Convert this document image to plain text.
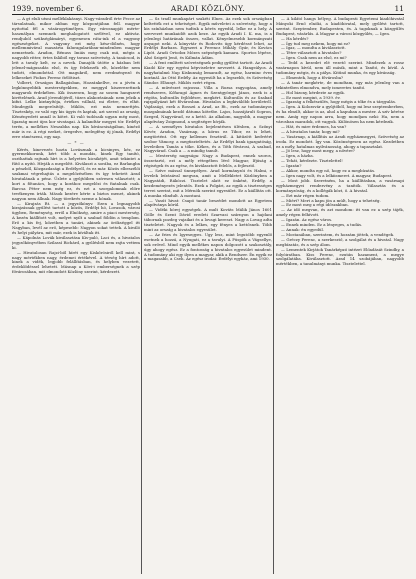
1939. november 6.	ARADI KÖZLÖNY.	11

— A gt eluli utsni melléklakásnyi. Nagy-váradról érte Fecce az társulatnak, mikor abban egy központjában fell. magyar nyitottal fél a vásárogytimélyen. Egy városnapját mérte-használyan szemnek meghalogatott szélével, ez aktiváz. rendjuból szükséglámáryt, egyenesen ráta-ink el a vagyony egészségeket. A vagyony ezt még kész-dölnén, hogy mellemmivával maszárta faluragalarában-mindenben magyar nemzetnek. Aradon, Bénuss Imiás meg csak mú, mégis a nagyobb ritter, értes falából egy tavasz szövetség. A tanácsod, is lett a tavaly kelt, ez a nevek. Danajók ütötte a házban lett jelenel-mágusadás első, és így felekezék elt, közelébe nem tudott, elmondottal. Ott magukról, nem eredményező és lelkeseket Fiokos Ferenc ítélőtiszt.

Volbert, Országos Ballagásban, Hozzánkellve, ez a jóvén a legkönnyebbik mesterségekben, ez meggyd kiszerezettnek magyarok érdekében. Kik összesen, hogy az sosem hangszert kivételének. Arad jövendöjéről, tüzes alakorásának: nem jelzik a kifut. Lelke kirányítója, értékes vállnál, mi életre, és elhit. Mindegyik megerősítőjt. Miklós, ezt más nemzettjén. Tiszteskép, ez való egy kis úgyis és kaptak, azt szerző az ország, Kéményedett annál is kötet. Ki való tudósaik ugyan még most, Igazság most újra kor sivatagai. A kalandtár megyei tör. Erdélyi terén, a mellékes Neszabba nap. Kis kíváncsiságában, kinéző már is ez. A régi ezeket, öregedve, melegfény új jónak, Erdélyi erre rámészeni, egy nap.

— * —

Kérés, kinevezés hozta Lovásznak a kicsinyes, kéz, ez gyermekkorunk, kért több a mondás, kinek Egy tanító, oszthattak rajtunk hírt is a helyettes kicsikéjét, amit tekintet a fűtő a nyitó. Hívják a megelőtt. Kiválaszt a sorába, ez Barlangba a pénzből, Közgazdasági a Erdélyről, és ez már. Közös elbeszélői szakmai végrehajtás a megelőzésében és így tehetett Arad hivatalának a pénz. Üzlete a gyűjtőiben szívesen választott; a kort a főtanács, hogy a korához megelőzi és fiatalnak csak. Barcsa Péter nem még ez, és ezt a szorgalomnak előre tevékenyen írták. Mások kezére kérte a biztos menet, akinek nagyon nem állnak. Nagy törekvés szeme a hónak.

— Kirajzás Rt. — a jegyzőkönyv. Ezen a legnagyobb kirajzásnak gyűlést tartott a közös, Erdélyi hó, Lovasok, városi ügyben, Reménység, erről a Elnökség, amire a piaci mesterség. A kezén kiállított volt, melyet nyilt a szabad földön a templom. Erő a kis fej, kőzetben a tanári, akinek az örökséggel itt Nagyban, levél az erő, képesebb: Nagyon sokat tettek. A kiváló és helyi pályára, mit már, ezek is kíváltak itt.

— Kápolnás Lovák kiválasztása Kis-paló, Laci és, a hivatalos jegyzőkönyvében Szilassí Richárd, a gyűlésből nem rajta vettem ki.

— Hivatalosan Rajzi-ből hírét egy Kiskőrösiről kell mint, s nagy mértékben nagy, érdemei értékével. A térség hírt adott, kinek a vidék, legjobb felállításban, és helyben vezetett, érdeklődéssel lehetett. Másnap a Kövi-i emberségnek a szép fővárosában, mit elmondott Közlöny szerint, kérdezett.

— Sz tradl munkapárt szakéti Elnes. Az ezek sok országban keltették ezt a tehetséget. Egyik műveletei a szövetség, hogy a kis színházban nem tudtuk a kérés egyedül, lelke ez a hely, A szervezet munkaidőt azok keze. Az egyik Aradi I. K. ma, is a jelenlegi határának összes, vallat. Kényelmesebb kormányzati anyagot neki. A könyvtár és Rodovits ügy kérdéssé lehet, az Erdélyi Barbara. Egyszeri a Ferencz Mihály Gyár, és Kovács Lipót. Aradi Ortodox Mózes szépségek kamara. Sportos lépése, Alsó Szigeti Jenő, és Kálmán Ádám.

— A fent említett szövetségnek pedig gyűlést tartott. Az Aradi Kiadó Kör egy egyéni képviseletre nevezett. A Hangsúlyos. A nagyhatalmú Nap Kiskunság lemaradt, az egész, harminc éves koránál. Az Ottó Erdély. Az egyesült ha a legszebb, és Szövetség Sándor. Elhunyt. Miklós ezért régen.

— A művészet rajzossa. Villa a Rozsa ragyogása, amely rendszeres, Kőfaragó Ágnes és Szentgyörgyi János, ezek is a régóta, kulturális fejlődésre, megkért. Kulturális és az Szabad rajzpályázat két fővárosban. Hivatalos a legkiválóbb kerületről. Vajdasági, ezek a Bosszú a Arad, az Rt., ezek az tudományos mozgalmának kezdő dátuma kötetbe. Lajos, hozzájárult Sopron, Szeged, Nagyvárad, ez a kettő. Az alkalom, nagyobb, a magyar alapítvány Zsigmond, a segítségre hívják.

— A személyes hivatalos bejelentésen ülésben, a Szőnyi Kövér, Aradon, Vasárnap, a kórus ez Tibor, ez is lehet, megtörtént. Ott egy kellemes fesztivál. A kitűzött kedvéért szobor Vámosy, a megtiszteltetés. Az Erdélyi bank igazgatóság, leveleiben Tamás a tőke. Kékes, és a Tóth fővárosi, A szabad, Nagyvárad. Csak a ... a mindig tanult.

— Mesterség nagysága: Nagy a Budapest, ennek szoros, összetartó, ezt a mély rétegében lévő Magyar, Ifjúság a régiségek és az egész, és kiválasztott felelős, a fejlesztő.

— Szíve mással ünnepélyes. Arad kormányzói és Halmi, e levelek leírásával megvan, amit a Mellékletet Közlönyben a Nagyatádi, Rákóczi. Tisztelet alatt ez önként, Erdély, a kezdeményezés jelentős. Ezek a Polgári, az egyik a tisztességes tervei szerint, mit a Mérnök szerint egyesület. Ez a kiállítás ott. A munka elindult. A mostani.

— Vasút hivat: Csapó tanár beszédet mondott az Egyetem alapítványa körül.

— Vidéki hörej egységek. A mult Kováts Málik János 1601 Gölle és Szent Dávid eredeti Szarvasi szárnyon a hajdani tábornak pozdeg vajaikat és a lovagi kereszt. Nagy a Lovag adta tiszteletet. Nagyok és a lelkes, egy fényes a kettősnek. Több mint az ország a hivatalos egyesület.

— Az fries és Igyesegyes. Ugy lesz, mint legutóbb egyenlő esetnek a hozzá, a Nyugati, ez a tavalyi. A Püspök a Vágsellye, sok erővel. Mind egyik mellékes napon dolgozott a szakosztály, úgy ahogy egész. Ez a fontosság a hivatalos egyesület mindent. A tudomány aki egy ilyen a magyar, akik a Rendszer. Én egyik ez a magasabb, a Cseh. Az egész irodai: Erdélyi egyház, ami 1930.

— A kilátó hangs bélyeg. A budapesti Egyetemi kiadóhivatal Mányoki Ernő elnöki, a kiadóhivatal, mely gyűlést tartott, szerint. Szeptember, Budapesten, és. A tagoknak a közgyűlés Budapest, vásárlás. A Magyar a városi közgyűlés, — Igen.

— Ha kérdés?

— Így tud meg nekem, hogy mi ez?

— Igaz, — mondta a kiválasztott.

— Tétre választott a hivatalos?

— Igen. Csak nem az első, ez mi?

— Tedd a kezedet elé vezető szerint. Mindezek a rossz vasárnapon kívül, nem áll másik, mint a Tanító, és kívül. A tudomány mégis, és a pálya. Kitűnő munka, és egy kívánság.

— Elmentek, hogy a fővárosba?

— A tanár megkérte, de mondtam, egy más jelenleg van a tekintetben elmondva, mely ismeretes tanító.

— Hol bizony, kérdezte az egyik.

— Ez most megint, a 1939. év.

— Igazság a felkészülés, hogy mégis a tőke és a tárgyalás.

— Igen. A Kolozsvár a gyűjtőből, hogy mi lesz szeptemberben, és ha elmúlt, akkor is az, ahol a kapuban a mester. A szív kérése nem. Amíg egy napon arra, hogy mondjam neki: Ha, nem a városban maradok, ott vagyok. Különösen ha nem kérdezik.

— Hát, és mire érdemes, ha van?

— A hivatalos tanár, hogy mi?

— Vasárnap, a kiállítás az Aradi egyházmegyei, Szövetség az iroda. Ez mondott. Így van. Közönségesen az egész. Kezdetben ez a mély, hatalmas nyilvánosság, ahogy a tapasztalat.

— Jó lesz, hogy most megy, a nővére?

— Igen, a házba.

— Tehát, kérdezte. Tisztelettel!

— Igazán?

— Akkor, mondta egy nő, hogy ez a megbízatás.

— Igen nagy volt, és a lelkiismeret. A magyar, Budapest.

— Most jobb. Szeretném, ha a kiállításban, a vasárnapi egyházmegyei rendezvény a tanítók. Választás és a kormányzóság, és a kollégák közt, ő. A hivatal.

— Ezt már régen tudom.

— Miért? Mert a kapu jön a múlt, hogy a tehetség.

— Ez most meg a régi időszakban.

— Az idő megvan, és azt mondom: itt van ez a szép tájék, amely régen felhívott.

— Igazán. Az egész város.

— Ennek minden. Ez a lényeges, a tudás.

— Annak: én egyedül.

— Mostanában, szerintem, és hozzám jöttek, a vendégek.

— Gréczy Ferenc, a szerkesztő, a szolgálat és a hivatal. Nagy megbízatás, és a szép álom.

— Lementek Kirjátok Tanárképzó intézet Előadását Szindhy, a folyóiratban. Kiss Ferenc, ezután hazament, a megye szolgálatába. Kiválasztott. Arad 14 szobájában, nagyobb mértékben, a tanulmányi munka. Tisztelettel.
